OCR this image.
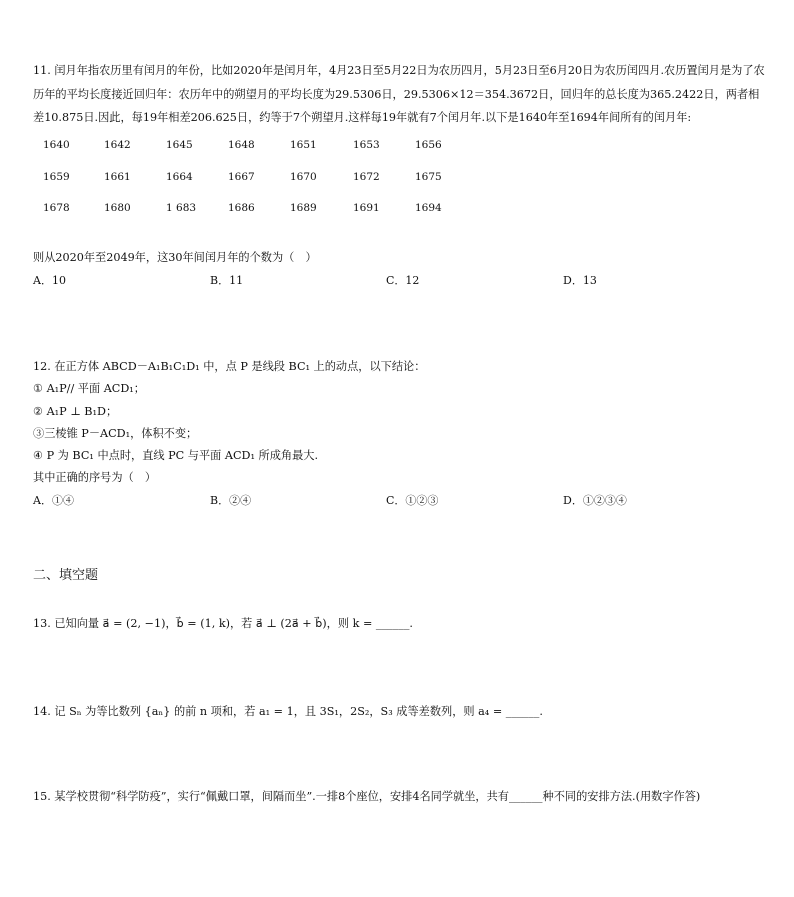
11. 闰月年指农历里有闰月的年份，比如2020年是闰月年，4月23日至5月22日为农历四月，5月23日至6月20日为农历闰四月.农历置闰月是为了农
历年的平均长度接近回归年：农历年中的朔望月的平均长度为29.5306日，29.5306×12＝354.3672日，回归年的总长度为365.2422日，两者相
差10.875日.因此，每19年相差206.625日，约等于7个朔望月.这样每19年就有7个闰月年.以下是1640年至1694年间所有的闰月年:
1640	1642	1645	1648	1651	1653	1656
1659	1661	1664	1667	1670	1672	1675
1678	1680	1 683	1686	1689	1691	1694
则从2020年至2049年，这30年间闰月年的个数为（　）
A．10	B．11	C．12	D．13
12. 在正方体 ABCD－A₁B₁C₁D₁ 中，点 P 是线段 BC₁ 上的动点，以下结论：
① A₁P// 平面 ACD₁；
② A₁P ⊥ B₁D；
③三棱锥 P－ACD₁，体积不变；
④ P 为 BC₁ 中点时，直线 PC 与平面 ACD₁ 所成角最大.
其中正确的序号为（　）
A．①④	B．②④	C．①②③	D．①②③④
二、填空题
13. 已知向量 a⃗ = (2, −1)，b⃗ = (1, k)，若 a⃗ ⊥ (2a⃗ + b⃗)，则 k = ______.
14. 记 Sₙ 为等比数列 {aₙ} 的前 n 项和，若 a₁ = 1，且 3S₁，2S₂，S₃ 成等差数列，则 a₄ = ______.
15. 某学校贯彻“科学防疫”，实行“佩戴口罩，间隔而坐”.一排8个座位，安排4名同学就坐，共有______种不同的安排方法.(用数字作答)
